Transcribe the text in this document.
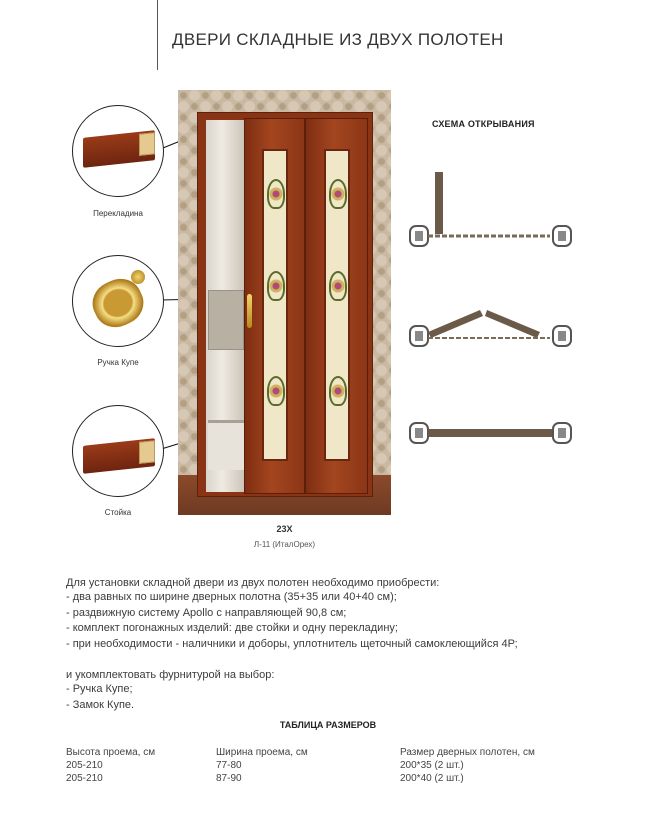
ДВЕРИ СКЛАДНЫЕ ИЗ ДВУХ ПОЛОТЕН
23Х
Л-11 (ИталОрех)
Перекладина
Ручка Купе
Стойка
СХЕМА ОТКРЫВАНИЯ
Для установки складной двери из двух полотен необходимо приобрести:
- два равных по ширине дверных полотна (35+35 или 40+40 см);
- раздвижную систему Apollo с направляющей 90,8 см;
- комплект погонажных изделий: две стойки и одну перекладину;
- при необходимости - наличники и доборы, уплотнитель щеточный самоклеющийся 4Р;
и укомплектовать фурнитурой на выбор:
- Ручка Купе;
- Замок Купе.
ТАБЛИЦА РАЗМЕРОВ
Высота проема, см
205-210
205-210
Ширина проема, см
77-80
87-90
Размер дверных полотен, см
200*35 (2 шт.)
200*40 (2 шт.)
